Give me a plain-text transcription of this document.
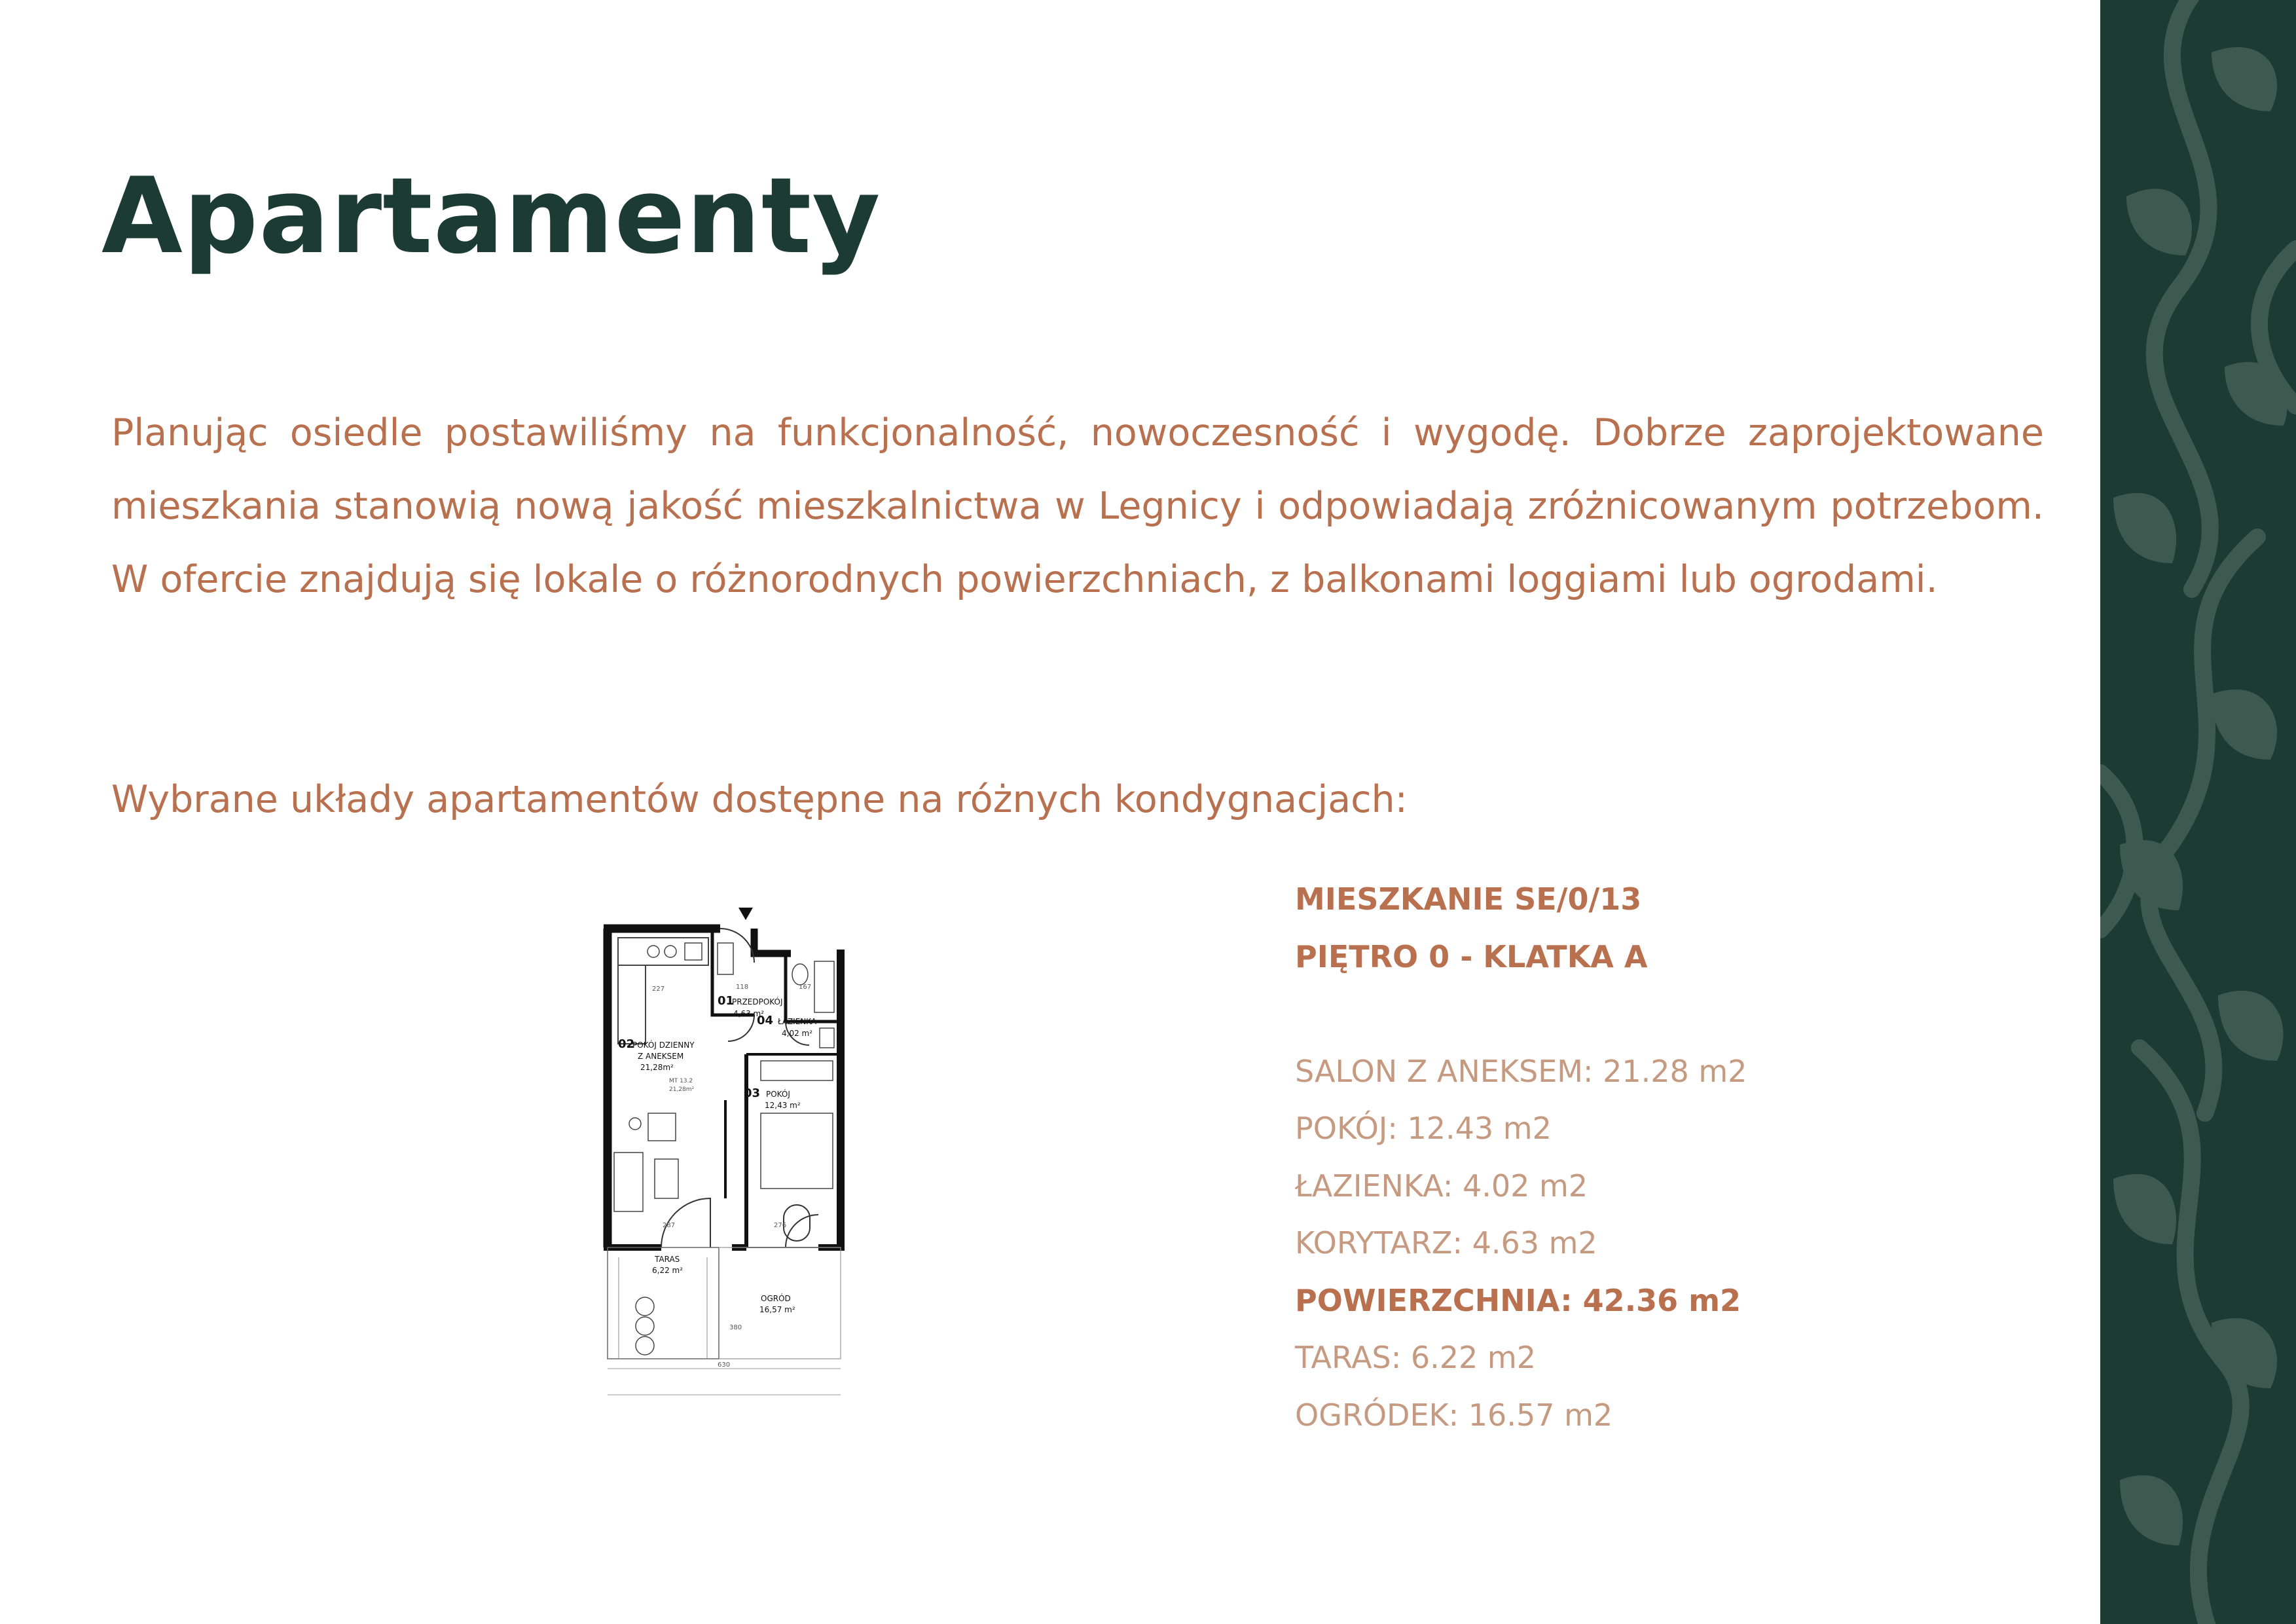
Apartamenty

Planując osiedle postawiliśmy na funkcjonalność, nowoczesność i wygodę. Dobrze zaprojektowane mieszkania stanowią nową jakość mieszkalnictwa w Legnicy i odpowiadają zróżnicowanym potrzebom. W ofercie znajdują się lokale o różnorodnych powierzchniach, z balkonami loggiami lub ogrodami.

Wybrane układy apartamentów dostępne na różnych kondygnacjach:

01
PRZEDPOKÓJ
4,63 m²
02
POKÓJ DZIENNY
Z ANEKSEM
21,28m²
03 POKÓJ
12,43 m²
04 ŁAZIENKA
4,02 m²
TARAS
6,22 m²
OGRÓD
16,57 m²
227	118	167
287	276
630
380
MT 13.2
21,28m²
MIESZKANIE SE/0/13
PIĘTRO 0 - KLATKA A
SALON Z ANEKSEM: 21.28 m2
POKÓJ: 12.43 m2
ŁAZIENKA: 4.02 m2
KORYTARZ: 4.63 m2
POWIERZCHNIA: 42.36 m2
TARAS: 6.22 m2
OGRÓDEK: 16.57 m2
